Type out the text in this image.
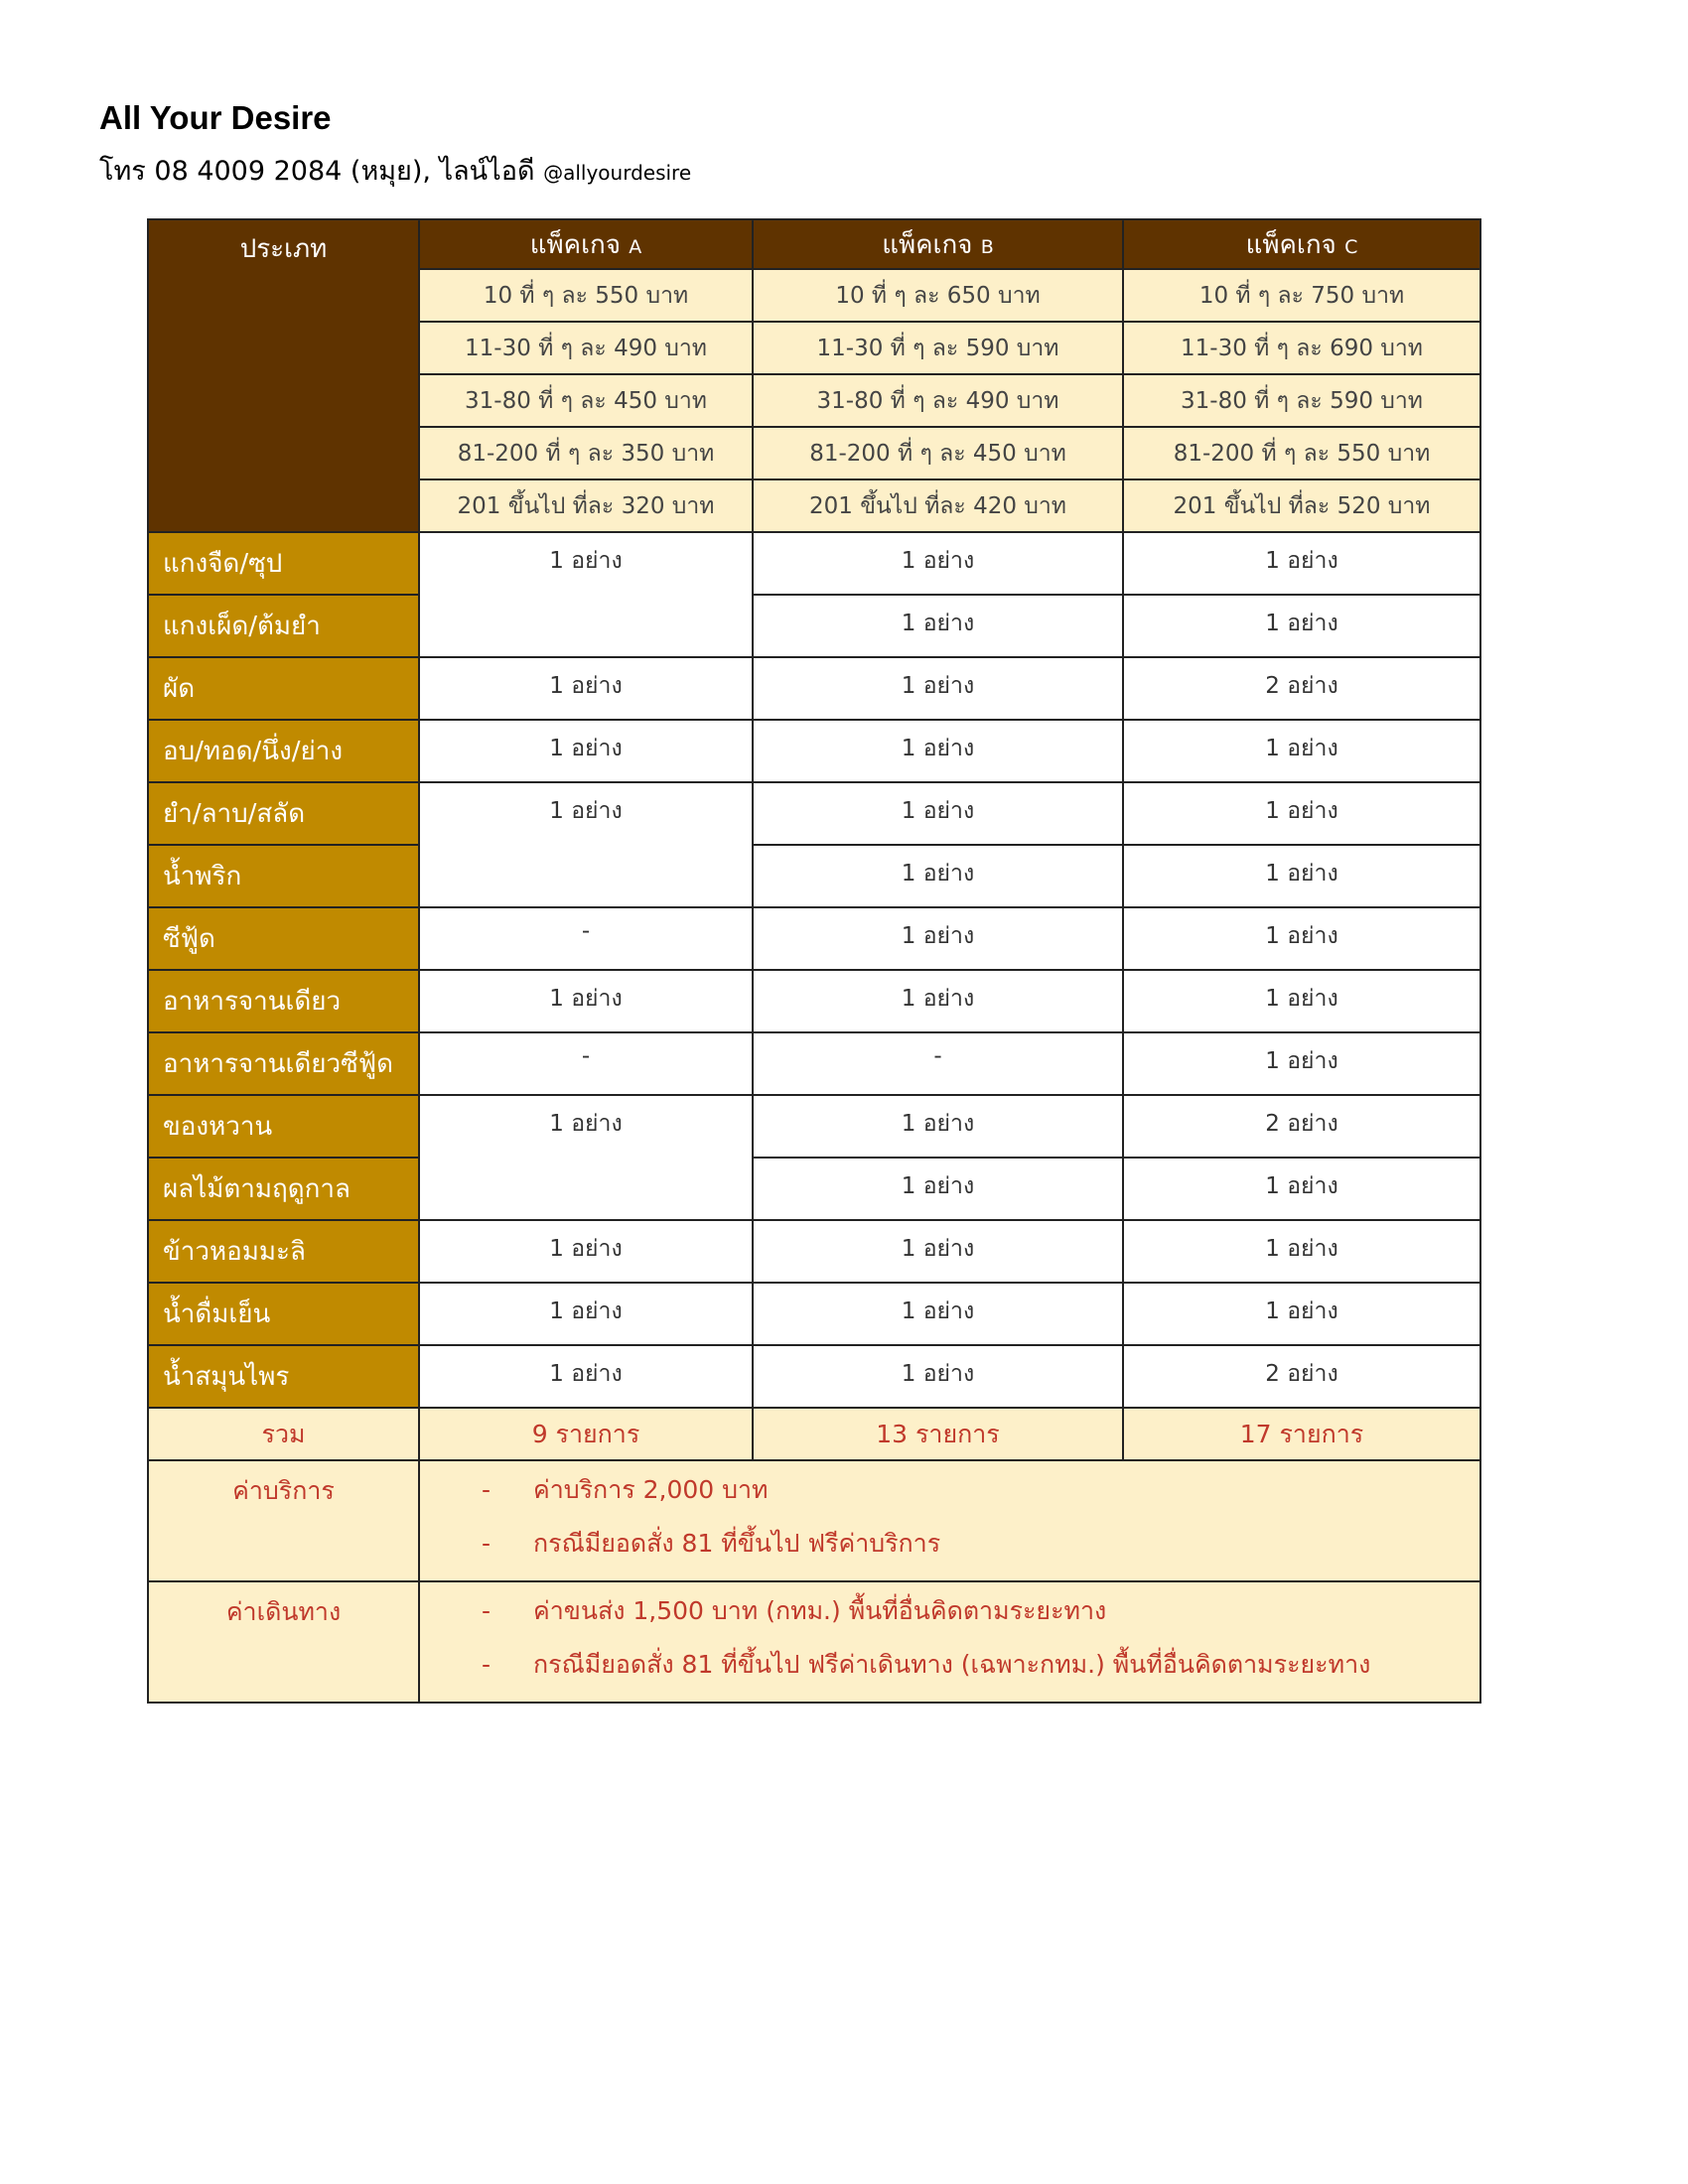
All Your Desire
โทร 08 4009 2084 (หมุย), ไลน์ไอดี @allyourdesire
ประเภท	แพ็คเกจ A	แพ็คเกจ B	แพ็คเกจ C
	10 ที่ ๆ ละ 550 บาท	10 ที่ ๆ ละ 650 บาท	10 ที่ ๆ ละ 750 บาท
	11-30 ที่ ๆ ละ 490 บาท	11-30 ที่ ๆ ละ 590 บาท	11-30 ที่ ๆ ละ 690 บาท
	31-80 ที่ ๆ ละ 450 บาท	31-80 ที่ ๆ ละ 490 บาท	31-80 ที่ ๆ ละ 590 บาท
	81-200 ที่ ๆ ละ 350 บาท	81-200 ที่ ๆ ละ 450 บาท	81-200 ที่ ๆ ละ 550 บาท
	201 ขึ้นไป ที่ละ 320 บาท	201 ขึ้นไป ที่ละ 420 บาท	201 ขึ้นไป ที่ละ 520 บาท
แกงจืด/ซุป	1 อย่าง	1 อย่าง	1 อย่าง
แกงเผ็ด/ต้มยำ		1 อย่าง	1 อย่าง
ผัด	1 อย่าง	1 อย่าง	2 อย่าง
อบ/ทอด/นึ่ง/ย่าง	1 อย่าง	1 อย่าง	1 อย่าง
ยำ/ลาบ/สลัด	1 อย่าง	1 อย่าง	1 อย่าง
น้ำพริก		1 อย่าง	1 อย่าง
ซีฟู้ด	-	1 อย่าง	1 อย่าง
อาหารจานเดียว	1 อย่าง	1 อย่าง	1 อย่าง
อาหารจานเดียวซีฟู้ด	-	-	1 อย่าง
ของหวาน	1 อย่าง	1 อย่าง	2 อย่าง
ผลไม้ตามฤดูกาล		1 อย่าง	1 อย่าง
ข้าวหอมมะลิ	1 อย่าง	1 อย่าง	1 อย่าง
น้ำดื่มเย็น	1 อย่าง	1 อย่าง	1 อย่าง
น้ำสมุนไพร	1 อย่าง	1 อย่าง	2 อย่าง
รวม	9 รายการ	13 รายการ	17 รายการ
ค่าบริการ	- ค่าบริการ 2,000 บาท
- กรณีมียอดสั่ง 81 ที่ขึ้นไป ฟรีค่าบริการ		

ค่าเดินทาง	- ค่าขนส่ง 1,500 บาท (กทม.) พื้นที่อื่นคิดตามระยะทาง
- กรณีมียอดสั่ง 81 ที่ขึ้นไป ฟรีค่าเดินทาง (เฉพาะกทม.) พื้นที่อื่นคิดตามระยะทาง		
